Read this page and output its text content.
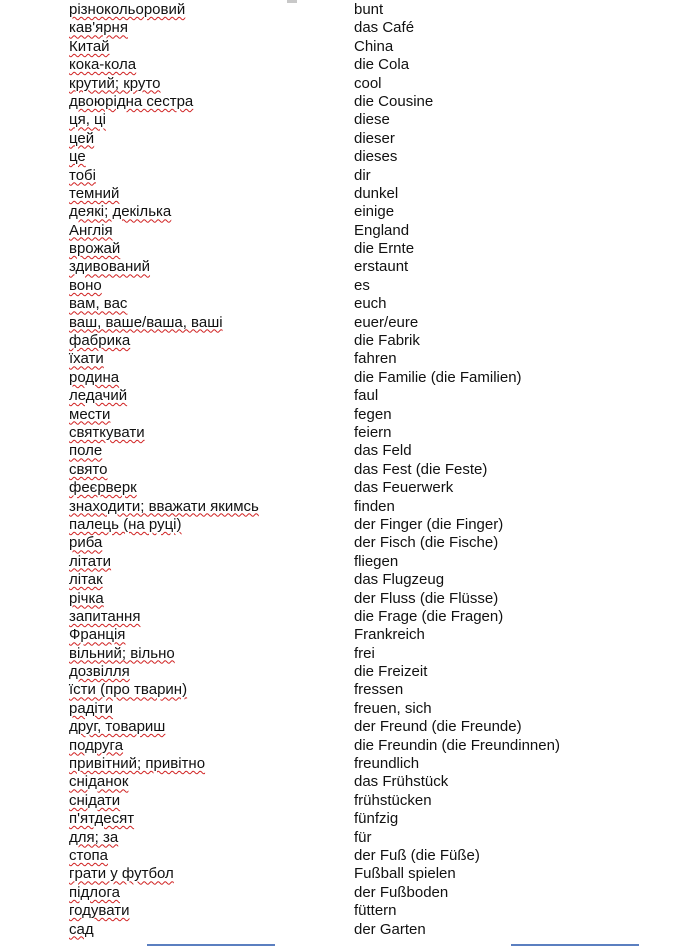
різнокольоровий	bunt
кав'ярня	das Café
Китай	China
кока-кола	die Cola
крутий; круто	cool
двоюрідна сестра	die Cousine
ця, ці	diese
цей	dieser
це	dieses
тобі	dir
темний	dunkel
деякі; декілька	einige
Англія	England
врожай	die Ernte
здивований	erstaunt
воно	es
вам, вас	euch
ваш, ваше/ваша, ваші	euer/eure
фабрика	die Fabrik
їхати	fahren
родина	die Familie (die Familien)
ледачий	faul
мести	fegen
святкувати	feiern
поле	das Feld
свято	das Fest (die Feste)
феєрверк	das Feuerwerk
знаходити; вважати якимсь	finden
палець (на руці)	der Finger (die Finger)
риба	der Fisch (die Fische)
літати	fliegen
літак	das Flugzeug
річка	der Fluss (die Flüsse)
запитання	die Frage (die Fragen)
Франція	Frankreich
вільний; вільно	frei
дозвілля	die Freizeit
їсти (про тварин)	fressen
радіти	freuen, sich
друг, товариш	der Freund (die Freunde)
подруга	die Freundin (die Freundinnen)
привітний; привітно	freundlich
сніданок	das Frühstück
снідати	frühstücken
п'ятдесят	fünfzig
для; за	für
стопа	der Fuß (die Füße)
грати у футбол	Fußball spielen
підлога	der Fußboden
годувати	füttern
сад	der Garten
